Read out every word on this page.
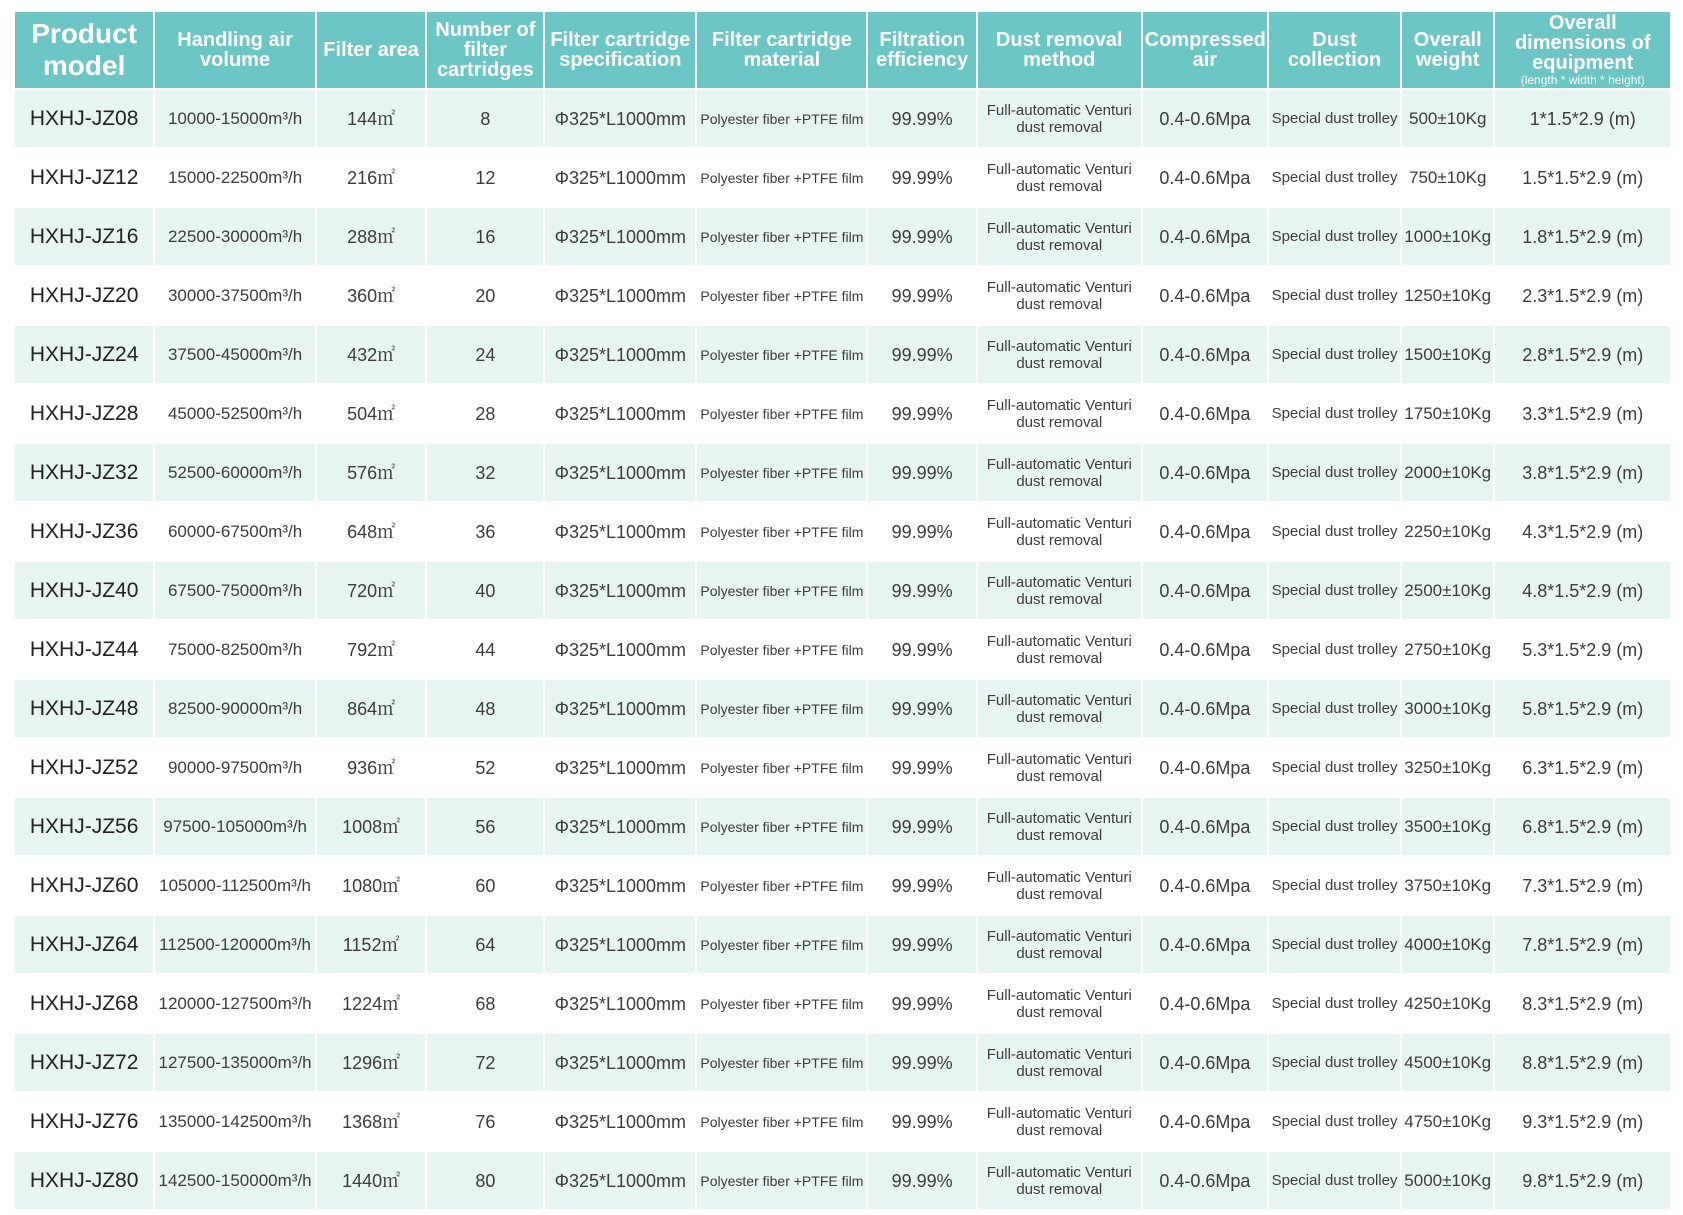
Product model	Handling air volume	Filter area	Number of filter cartridges	Filter cartridge specification	Filter cartridge material	Filtration efficiency	Dust removal method	Compressed air	Dust collection	Overall weight	Overall dimensions of equipment
(length * width * height)

HXHJ-JZ08	10000-15000m³/h	144㎡	8	Φ325*L1000mm	Polyester fiber +PTFE film	99.99%	Full-automatic Venturi dust removal	0.4-0.6Mpa	Special dust trolley	500±10Kg	1*1.5*2.9 (m)
HXHJ-JZ12	15000-22500m³/h	216㎡	12	Φ325*L1000mm	Polyester fiber +PTFE film	99.99%	Full-automatic Venturi dust removal	0.4-0.6Mpa	Special dust trolley	750±10Kg	1.5*1.5*2.9 (m)
HXHJ-JZ16	22500-30000m³/h	288㎡	16	Φ325*L1000mm	Polyester fiber +PTFE film	99.99%	Full-automatic Venturi dust removal	0.4-0.6Mpa	Special dust trolley	1000±10Kg	1.8*1.5*2.9 (m)
HXHJ-JZ20	30000-37500m³/h	360㎡	20	Φ325*L1000mm	Polyester fiber +PTFE film	99.99%	Full-automatic Venturi dust removal	0.4-0.6Mpa	Special dust trolley	1250±10Kg	2.3*1.5*2.9 (m)
HXHJ-JZ24	37500-45000m³/h	432㎡	24	Φ325*L1000mm	Polyester fiber +PTFE film	99.99%	Full-automatic Venturi dust removal	0.4-0.6Mpa	Special dust trolley	1500±10Kg	2.8*1.5*2.9 (m)
HXHJ-JZ28	45000-52500m³/h	504㎡	28	Φ325*L1000mm	Polyester fiber +PTFE film	99.99%	Full-automatic Venturi dust removal	0.4-0.6Mpa	Special dust trolley	1750±10Kg	3.3*1.5*2.9 (m)
HXHJ-JZ32	52500-60000m³/h	576㎡	32	Φ325*L1000mm	Polyester fiber +PTFE film	99.99%	Full-automatic Venturi dust removal	0.4-0.6Mpa	Special dust trolley	2000±10Kg	3.8*1.5*2.9 (m)
HXHJ-JZ36	60000-67500m³/h	648㎡	36	Φ325*L1000mm	Polyester fiber +PTFE film	99.99%	Full-automatic Venturi dust removal	0.4-0.6Mpa	Special dust trolley	2250±10Kg	4.3*1.5*2.9 (m)
HXHJ-JZ40	67500-75000m³/h	720㎡	40	Φ325*L1000mm	Polyester fiber +PTFE film	99.99%	Full-automatic Venturi dust removal	0.4-0.6Mpa	Special dust trolley	2500±10Kg	4.8*1.5*2.9 (m)
HXHJ-JZ44	75000-82500m³/h	792㎡	44	Φ325*L1000mm	Polyester fiber +PTFE film	99.99%	Full-automatic Venturi dust removal	0.4-0.6Mpa	Special dust trolley	2750±10Kg	5.3*1.5*2.9 (m)
HXHJ-JZ48	82500-90000m³/h	864㎡	48	Φ325*L1000mm	Polyester fiber +PTFE film	99.99%	Full-automatic Venturi dust removal	0.4-0.6Mpa	Special dust trolley	3000±10Kg	5.8*1.5*2.9 (m)
HXHJ-JZ52	90000-97500m³/h	936㎡	52	Φ325*L1000mm	Polyester fiber +PTFE film	99.99%	Full-automatic Venturi dust removal	0.4-0.6Mpa	Special dust trolley	3250±10Kg	6.3*1.5*2.9 (m)
HXHJ-JZ56	97500-105000m³/h	1008㎡	56	Φ325*L1000mm	Polyester fiber +PTFE film	99.99%	Full-automatic Venturi dust removal	0.4-0.6Mpa	Special dust trolley	3500±10Kg	6.8*1.5*2.9 (m)
HXHJ-JZ60	105000-112500m³/h	1080㎡	60	Φ325*L1000mm	Polyester fiber +PTFE film	99.99%	Full-automatic Venturi dust removal	0.4-0.6Mpa	Special dust trolley	3750±10Kg	7.3*1.5*2.9 (m)
HXHJ-JZ64	112500-120000m³/h	1152㎡	64	Φ325*L1000mm	Polyester fiber +PTFE film	99.99%	Full-automatic Venturi dust removal	0.4-0.6Mpa	Special dust trolley	4000±10Kg	7.8*1.5*2.9 (m)
HXHJ-JZ68	120000-127500m³/h	1224㎡	68	Φ325*L1000mm	Polyester fiber +PTFE film	99.99%	Full-automatic Venturi dust removal	0.4-0.6Mpa	Special dust trolley	4250±10Kg	8.3*1.5*2.9 (m)
HXHJ-JZ72	127500-135000m³/h	1296㎡	72	Φ325*L1000mm	Polyester fiber +PTFE film	99.99%	Full-automatic Venturi dust removal	0.4-0.6Mpa	Special dust trolley	4500±10Kg	8.8*1.5*2.9 (m)
HXHJ-JZ76	135000-142500m³/h	1368㎡	76	Φ325*L1000mm	Polyester fiber +PTFE film	99.99%	Full-automatic Venturi dust removal	0.4-0.6Mpa	Special dust trolley	4750±10Kg	9.3*1.5*2.9 (m)
HXHJ-JZ80	142500-150000m³/h	1440㎡	80	Φ325*L1000mm	Polyester fiber +PTFE film	99.99%	Full-automatic Venturi dust removal	0.4-0.6Mpa	Special dust trolley	5000±10Kg	9.8*1.5*2.9 (m)
